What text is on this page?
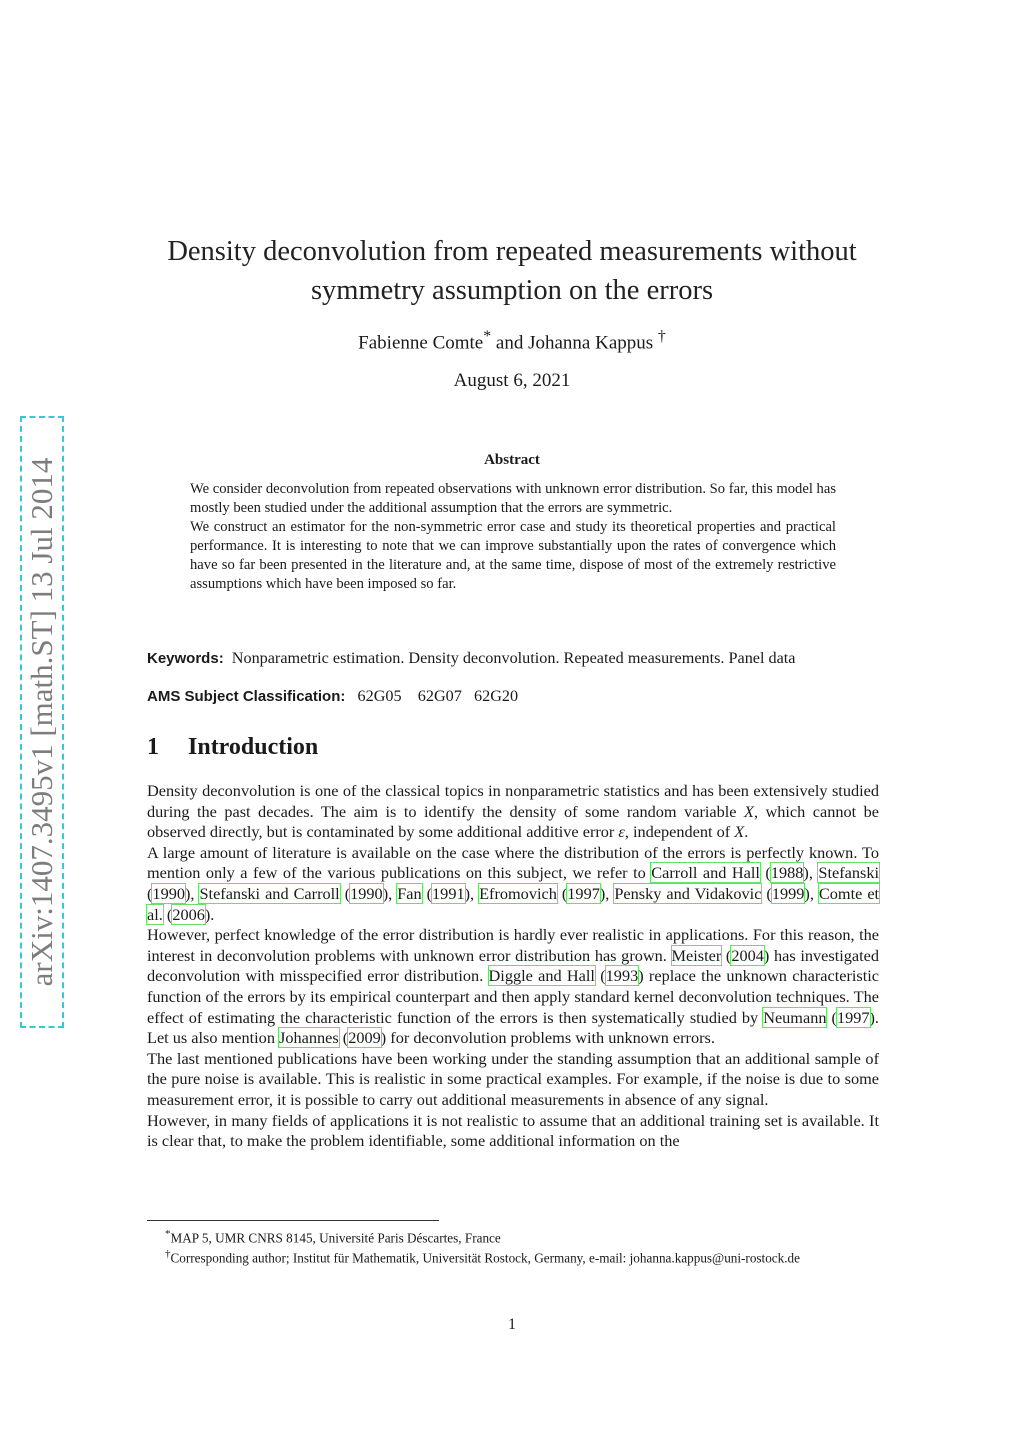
arXiv:1407.3495v1 [math.ST] 13 Jul 2014
Density deconvolution from repeated measurements without
symmetry assumption on the errors
Fabienne Comte* and Johanna Kappus †
August 6, 2021
Abstract

We consider deconvolution from repeated observations with unknown error distribution. So far, this model has mostly been studied under the additional assumption that the errors are symmetric.

We construct an estimator for the non-symmetric error case and study its theoretical properties and practical performance. It is interesting to note that we can improve substantially upon the rates of convergence which have so far been presented in the literature and, at the same time, dispose of most of the extremely restrictive assumptions which have been imposed so far.

Keywords: Nonparametric estimation. Density deconvolution. Repeated measurements. Panel data
AMS Subject Classification: 62G05 62G07 62G20
1 Introduction

Density deconvolution is one of the classical topics in nonparametric statistics and has been extensively studied during the past decades. The aim is to identify the density of some random variable X, which cannot be observed directly, but is contaminated by some additional additive error ε, independent of X.

A large amount of literature is available on the case where the distribution of the errors is perfectly known. To mention only a few of the various publications on this subject, we refer to Carroll and Hall (1988), Stefanski (1990), Stefanski and Carroll (1990), Fan (1991), Efromovich (1997), Pensky and Vidakovic (1999), Comte et al. (2006).

However, perfect knowledge of the error distribution is hardly ever realistic in applications. For this reason, the interest in deconvolution problems with unknown error distribution has grown. Meister (2004) has investigated deconvolution with misspecified error distribution. Diggle and Hall (1993) replace the unknown characteristic function of the errors by its empirical counterpart and then apply standard kernel deconvolution techniques. The effect of estimating the characteristic function of the errors is then systematically studied by Neumann (1997). Let us also mention Johannes (2009) for deconvolution problems with unknown errors.

The last mentioned publications have been working under the standing assumption that an additional sample of the pure noise is available. This is realistic in some practical examples. For example, if the noise is due to some measurement error, it is possible to carry out additional measurements in absence of any signal.

However, in many fields of applications it is not realistic to assume that an additional training set is available. It is clear that, to make the problem identifiable, some additional information on the

*MAP 5, UMR CNRS 8145, Université Paris Déscartes, France

†Corresponding author; Institut für Mathematik, Universität Rostock, Germany, e-mail: johanna.kappus@uni-rostock.de

1
